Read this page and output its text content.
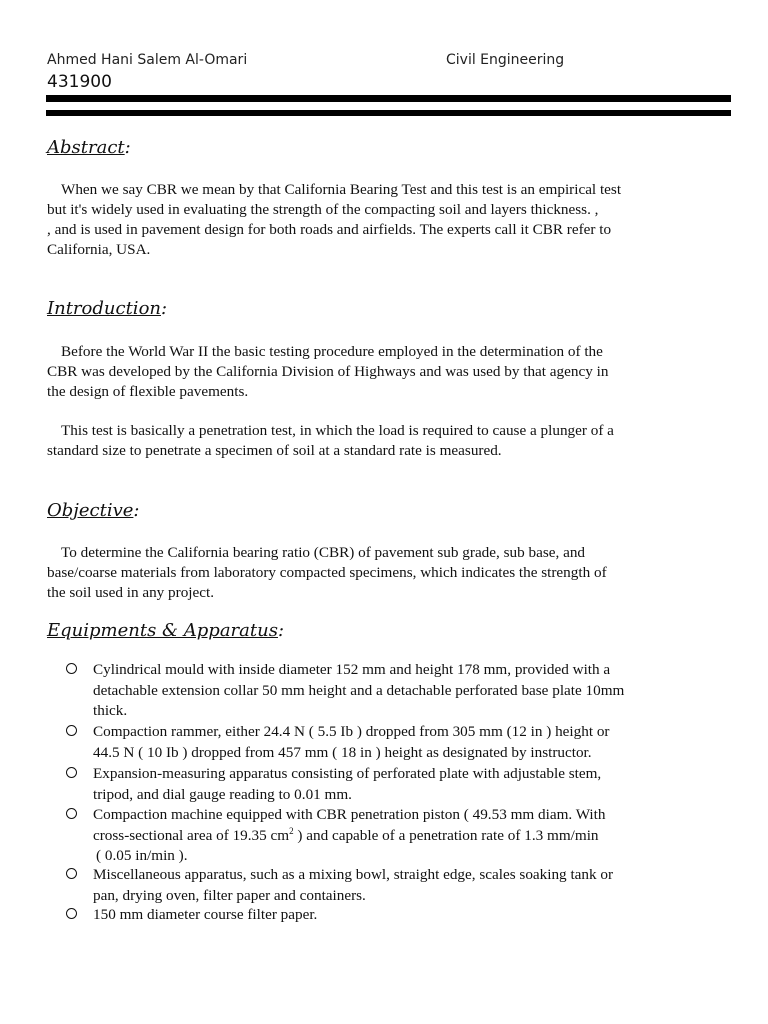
Ahmed Hani Salem Al-Omari	Civil Engineering
431900
Abstract:
When we say CBR we mean by that California Bearing Test and this test is an empirical test
but it's widely used in evaluating the strength of the compacting soil and layers thickness. ,
, and is used in pavement design for both roads and airfields. The experts call it CBR refer to
California, USA.
Introduction:
Before the World War II the basic testing procedure employed in the determination of the
CBR was developed by the California Division of Highways and was used by that agency in
the design of flexible pavements.
This test is basically a penetration test, in which the load is required to cause a plunger of a
standard size to penetrate a specimen of soil at a standard rate is measured.
Objective:
To determine the California bearing ratio (CBR) of pavement sub grade, sub base, and
base/coarse materials from laboratory compacted specimens, which indicates the strength of
the soil used in any project.
Equipments & Apparatus:
Cylindrical mould with inside diameter 152 mm and height 178 mm, provided with a
detachable extension collar 50 mm height and a detachable perforated base plate 10mm
thick.
Compaction rammer, either 24.4 N ( 5.5 Ib ) dropped from 305 mm (12 in ) height or
44.5 N ( 10 Ib ) dropped from 457 mm ( 18 in ) height as designated by instructor.
Expansion-measuring apparatus consisting of perforated plate with adjustable stem,
tripod, and dial gauge reading to 0.01 mm.
Compaction machine equipped with CBR penetration piston ( 49.53 mm diam. With
cross-sectional area of 19.35 $cm^2$ ) and capable of a penetration rate of 1.3 mm/min
( 0.05 in/min ).
Miscellaneous apparatus, such as a mixing bowl, straight edge, scales soaking tank or
pan, drying oven, filter paper and containers.
150 mm diameter course filter paper.
